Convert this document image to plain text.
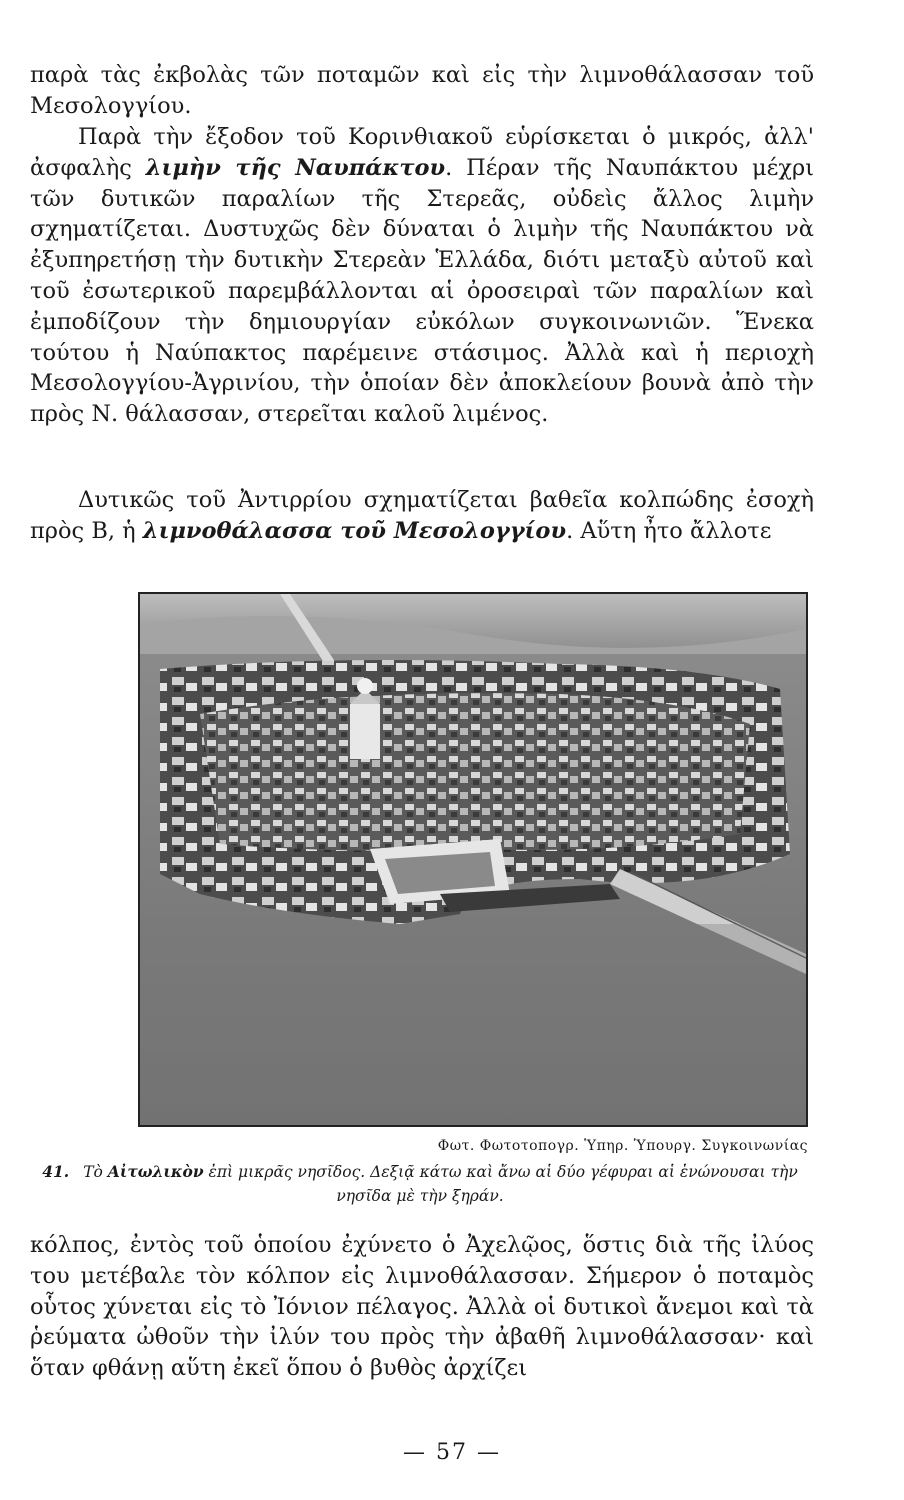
παρὰ τὰς ἐκβολὰς τῶν ποταμῶν καὶ εἰς τὴν λιμνοθάλασσαν τοῦ Μεσολογγίου.

Παρὰ τὴν ἔξοδον τοῦ Κορινθιακοῦ εὑρίσκεται ὁ μικρός, ἀλλ' ἀσφαλὴς λιμὴν τῆς Ναυπάκτου. Πέραν τῆς Ναυπάκτου μέχρι τῶν δυτικῶν παραλίων τῆς Στερεᾶς, οὐδεὶς ἄλλος λιμὴν σχηματίζεται. Δυστυχῶς δὲν δύναται ὁ λιμὴν τῆς Ναυπάκτου νὰ ἐξυπηρετήσῃ τὴν δυτικὴν Στερεὰν Ἑλλάδα, διότι μεταξὺ αὐτοῦ καὶ τοῦ ἐσωτερικοῦ παρεμβάλλονται αἱ ὀροσειραὶ τῶν παραλίων καὶ ἐμποδίζουν τὴν δημιουργίαν εὐκόλων συγκοινωνιῶν. Ἕνεκα τούτου ἡ Ναύπακτος παρέμεινε στάσιμος. Ἀλλὰ καὶ ἡ περιοχὴ Μεσολογγίου-Ἀγρινίου, τὴν ὁποίαν δὲν ἀποκλείουν βουνὰ ἀπὸ τὴν πρὸς Ν. θάλασσαν, στερεῖται καλοῦ λιμένος.

Δυτικῶς τοῦ Ἀντιρρίου σχηματίζεται βαθεῖα κολπώδης ἐσοχὴ πρὸς Β, ἡ λιμνοθάλασσα τοῦ Μεσολογγίου. Αὕτη ἦτο ἄλλοτε

Φωτ. Φωτοτοπογρ. Ὑπηρ. Ὑπουργ. Συγκοινωνίας
41. Τὸ Αἰτωλικὸν ἐπὶ μικρᾶς νησῖδος. Δεξιᾷ κάτω καὶ ἄνω αἱ δύο γέφυραι αἱ ἑνώνουσαι τὴν νησῖδα μὲ τὴν ξηράν.

κόλπος, ἐντὸς τοῦ ὁποίου ἐχύνετο ὁ Ἀχελῷος, ὅστις διὰ τῆς ἰλύος του μετέβαλε τὸν κόλπον εἰς λιμνοθάλασσαν. Σήμερον ὁ ποταμὸς οὗτος χύνεται εἰς τὸ Ἰόνιον πέλαγος. Ἀλλὰ οἱ δυτικοὶ ἄνεμοι καὶ τὰ ῥεύματα ὠθοῦν τὴν ἰλύν του πρὸς τὴν ἀβαθῆ λιμνοθάλασσαν· καὶ ὅταν φθάνῃ αὕτη ἐκεῖ ὅπου ὁ βυθὸς ἀρχίζει

— 57 —
